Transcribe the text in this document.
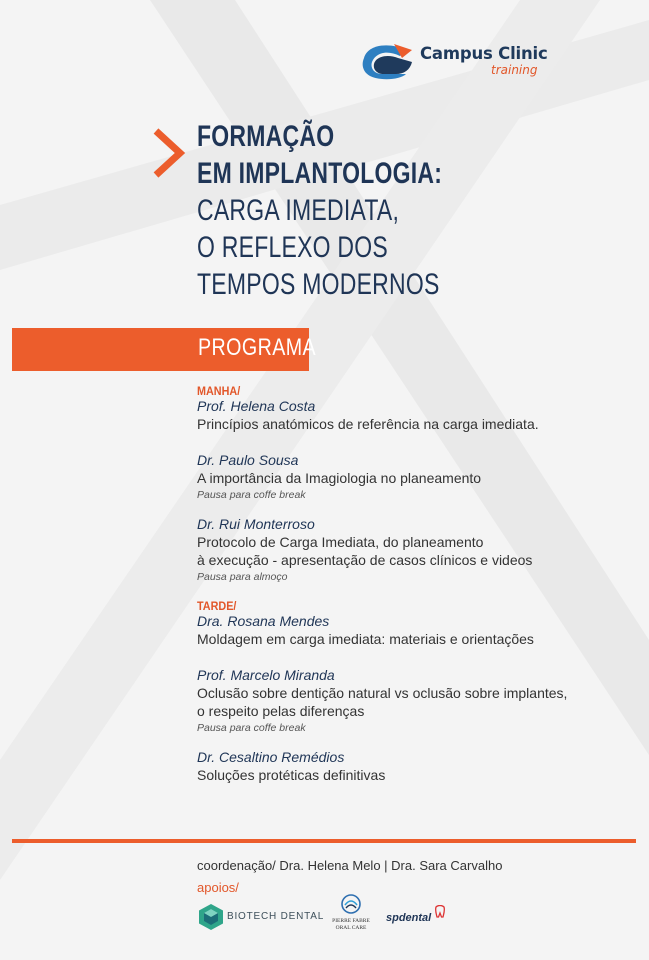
Campus Clinic
training
FORMAÇÃO
EM IMPLANTOLOGIA:
CARGA IMEDIATA,
O REFLEXO DOS
TEMPOS MODERNOS
PROGRAMA
MANHA/
Prof. Helena Costa
Princípios anatómicos de referência na carga imediata.
Dr. Paulo Sousa
A importância da Imagiologia no planeamento
Pausa para coffe break
Dr. Rui Monterroso
Protocolo de Carga Imediata, do planeamento
à execução - apresentação de casos clínicos e videos
Pausa para almoço
TARDE/
Dra. Rosana Mendes
Moldagem em carga imediata: materiais e orientações
Prof. Marcelo Miranda
Oclusão sobre dentição natural vs oclusão sobre implantes,
o respeito pelas diferenças
Pausa para coffe break
Dr. Cesaltino Remédios
Soluções protéticas definitivas
coordenação/ Dra. Helena Melo | Dra. Sara Carvalho
apoios/
BIOTECH DENTAL	PIERRE FABRE
ORAL CARE
spdental
